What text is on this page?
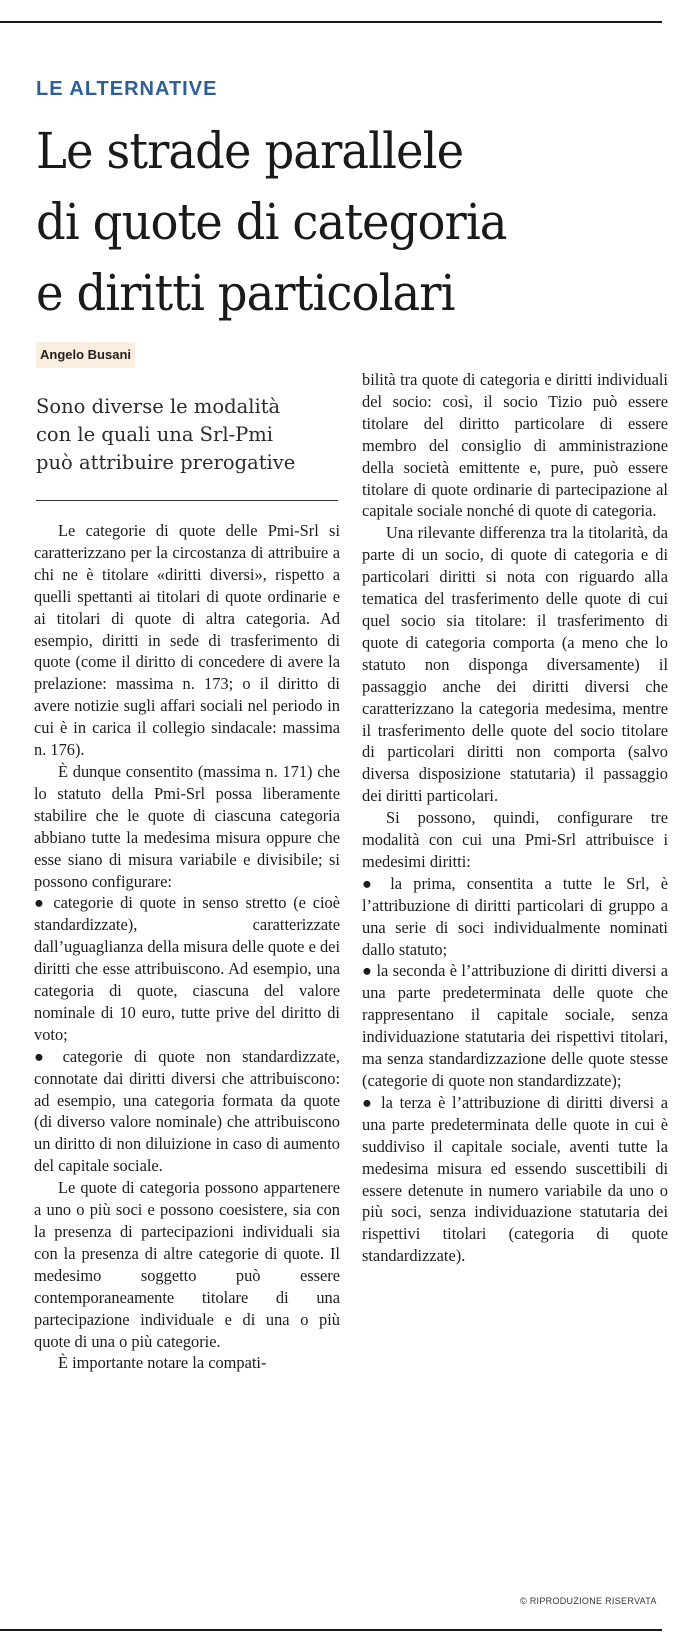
LE ALTERNATIVE
Le strade parallele
di quote di categoria
e diritti particolari
Angelo Busani
Sono diverse le modalità
con le quali una Srl-Pmi
può attribuire prerogative

Le categorie di quote delle Pmi-Srl si caratterizzano per la circostanza di attribuire a chi ne è titolare «diritti diversi», rispetto a quelli spettanti ai titolari di quote ordinarie e ai titolari di quote di altra categoria. Ad esempio, diritti in sede di trasferimento di quote (come il diritto di concedere di avere la prelazione: massima n. 173; o il diritto di avere notizie sugli affari sociali nel periodo in cui è in carica il collegio sindacale: massima n. 176).

È dunque consentito (massima n. 171) che lo statuto della Pmi-Srl possa liberamente stabilire che le quote di ciascuna categoria abbiano tutte la medesima misura oppure che esse siano di misura variabile e divisibile; si possono configurare:

● categorie di quote in senso stretto (e cioè standardizzate), caratterizzate dall’uguaglianza della misura delle quote e dei diritti che esse attribuiscono. Ad esempio, una categoria di quote, ciascuna del valore nominale di 10 euro, tutte prive del diritto di voto;

● categorie di quote non standardizzate, connotate dai diritti diversi che attribuiscono: ad esempio, una categoria formata da quote (di diverso valore nominale) che attribuiscono un diritto di non diluizione in caso di aumento del capitale sociale.

Le quote di categoria possono appartenere a uno o più soci e possono coesistere, sia con la presenza di partecipazioni individuali sia con la presenza di altre categorie di quote. Il medesimo soggetto può essere contemporaneamente titolare di una partecipazione individuale e di una o più quote di una o più categorie.

È importante notare la compati-

bilità tra quote di categoria e diritti individuali del socio: così, il socio Tizio può essere titolare del diritto particolare di essere membro del consiglio di amministrazione della società emittente e, pure, può essere titolare di quote ordinarie di partecipazione al capitale sociale nonché di quote di categoria.

Una rilevante differenza tra la titolarità, da parte di un socio, di quote di categoria e di particolari diritti si nota con riguardo alla tematica del trasferimento delle quote di cui quel socio sia titolare: il trasferimento di quote di categoria comporta (a meno che lo statuto non disponga diversamente) il passaggio anche dei diritti diversi che caratterizzano la categoria medesima, mentre il trasferimento delle quote del socio titolare di particolari diritti non comporta (salvo diversa disposizione statutaria) il passaggio dei diritti particolari.

Si possono, quindi, configurare tre modalità con cui una Pmi-Srl attribuisce i medesimi diritti:

● la prima, consentita a tutte le Srl, è l’attribuzione di diritti particolari di gruppo a una serie di soci individualmente nominati dallo statuto;

● la seconda è l’attribuzione di diritti diversi a una parte predeterminata delle quote che rappresentano il capitale sociale, senza individuazione statutaria dei rispettivi titolari, ma senza standardizzazione delle quote stesse (categorie di quote non standardizzate);

● la terza è l’attribuzione di diritti diversi a una parte predeterminata delle quote in cui è suddiviso il capitale sociale, aventi tutte la medesima misura ed essendo suscettibili di essere detenute in numero variabile da uno o più soci, senza individuazione statutaria dei rispettivi titolari (categoria di quote standardizzate).

© RIPRODUZIONE RISERVATA
